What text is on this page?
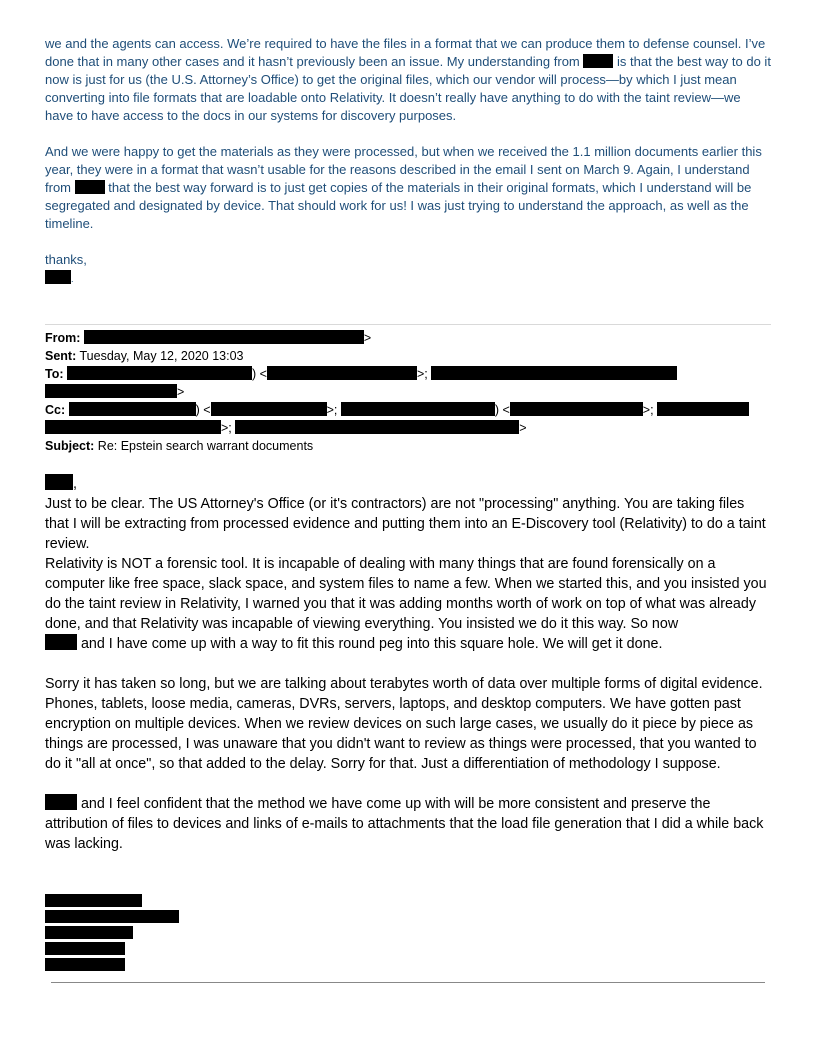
we and the agents can access. We’re required to have the files in a format that we can produce them to defense counsel. I’ve done that in many other cases and it hasn’t previously been an issue. My understanding from	is that the best way to do it now is just for us (the U.S. Attorney’s Office) to get the original files, which our vendor will process—by which I just mean converting into file formats that are loadable onto Relativity. It doesn’t really have anything to do with the taint review—we have to have access to the docs in our systems for discovery purposes.

And we were happy to get the materials as they were processed, but when we received the 1.1 million documents earlier this year, they were in a format that wasn’t usable for the reasons described in the email I sent on March 9. Again, I understand from	that the best way forward is to just get copies of the materials in their original formats, which I understand will be segregated and designated by device. That should work for us! I was just trying to understand the approach, as well as the timeline.

thanks,

.

From:	>
Sent: Tuesday, May 12, 2020 13:03
To:	) <	>;
>
Cc:	) <	>;	) <	>;
>;	>
Subject: Re: Epstein search warrant documents

,

Just to be clear. The US Attorney's Office (or it's contractors) are not "processing" anything. You are taking files that I will be extracting from processed evidence and putting them into an E-Discovery tool (Relativity) to do a taint review.

Relativity is NOT a forensic tool. It is incapable of dealing with many things that are found forensically on a computer like free space, slack space, and system files to name a few. When we started this, and you insisted you do the taint review in Relativity, I warned you that it was adding months worth of work on top of what was already done, and that Relativity was incapable of viewing everything. You insisted we do it this way. So now
and I have come up with a way to fit this round peg into this square hole. We will get it done.

Sorry it has taken so long, but we are talking about terabytes worth of data over multiple forms of digital evidence. Phones, tablets, loose media, cameras, DVRs, servers, laptops, and desktop computers. We have gotten past encryption on multiple devices. When we review devices on such large cases, we usually do it piece by piece as things are processed, I was unaware that you didn't want to review as things were processed, that you wanted to do it "all at once", so that added to the delay. Sorry for that. Just a differentiation of methodology I suppose.

and I feel confident that the method we have come up with will be more consistent and preserve the attribution of files to devices and links of e-mails to attachments that the load file generation that I did a while back was lacking.
